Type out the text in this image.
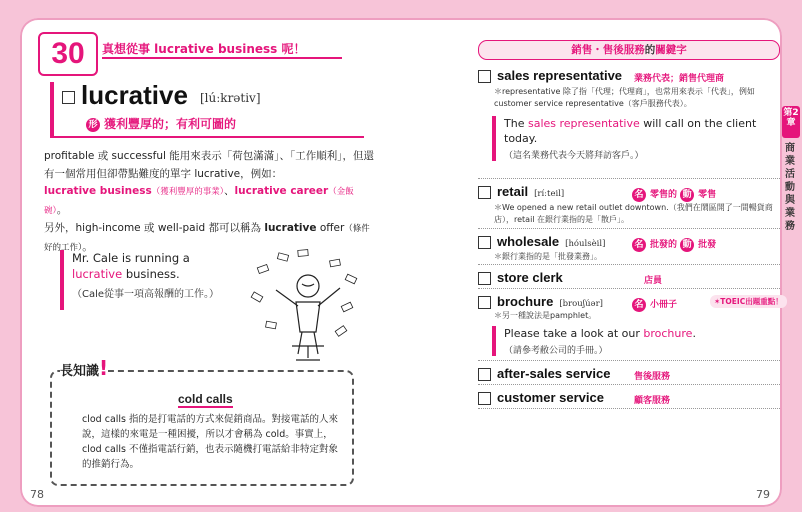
30	真想從事 lucrative business 呢！
lucrative [lúːkrətiv]
形 獲利豐厚的；有利可圖的
profitable 或 successful 能用來表示「荷包滿滿」、「工作順利」，但還有一個常用但卻帶點難度的單字 lucrative，例如：
lucrative business（獲利豐厚的事業）、lucrative career（金飯碗）。
另外，high-income 或 well-paid 都可以稱為 lucrative offer（條件好的工作）。
Mr. Cale is running a lucrative business.
（Cale從事一項高報酬的工作。）
長知識!
cold calls
clod calls 指的是打電話的方式來促銷商品。對接電話的人來說，這樣的來電是一種困擾，所以才會稱為 cold。事實上，clod calls 不僅指電話行銷，也表示隨機打電話給非特定對象的推銷行為。
78
銷售・售後服務的關鍵字
sales representative 業務代表；銷售代理商
＊representative 除了指「代理；代理商」，也常用來表示「代表」，例如customer service representative（客戶服務代表）。
The sales representative will call on the client today.
（這名業務代表今天將拜訪客戶。）
retail [ríːteil]	名 零售的 動 零售
＊We opened a new retail outlet downtown.（我們在鬧區開了一間暢貨商店），retail 在銀行業指的是「散戶」。
wholesale [hóulsèil]	名 批發的 動 批發
＊銀行業指的是「批發業務」。
store clerk	店員
brochure [brouʃúər]	名 小冊子	✶TOEIC出題重點！
＊另一種說法是pamphlet。
Please take a look at our brochure.
（請參考敝公司的手冊。）
after-sales service	售後服務
customer service	顧客服務
79
第2章
商業活動與業務
